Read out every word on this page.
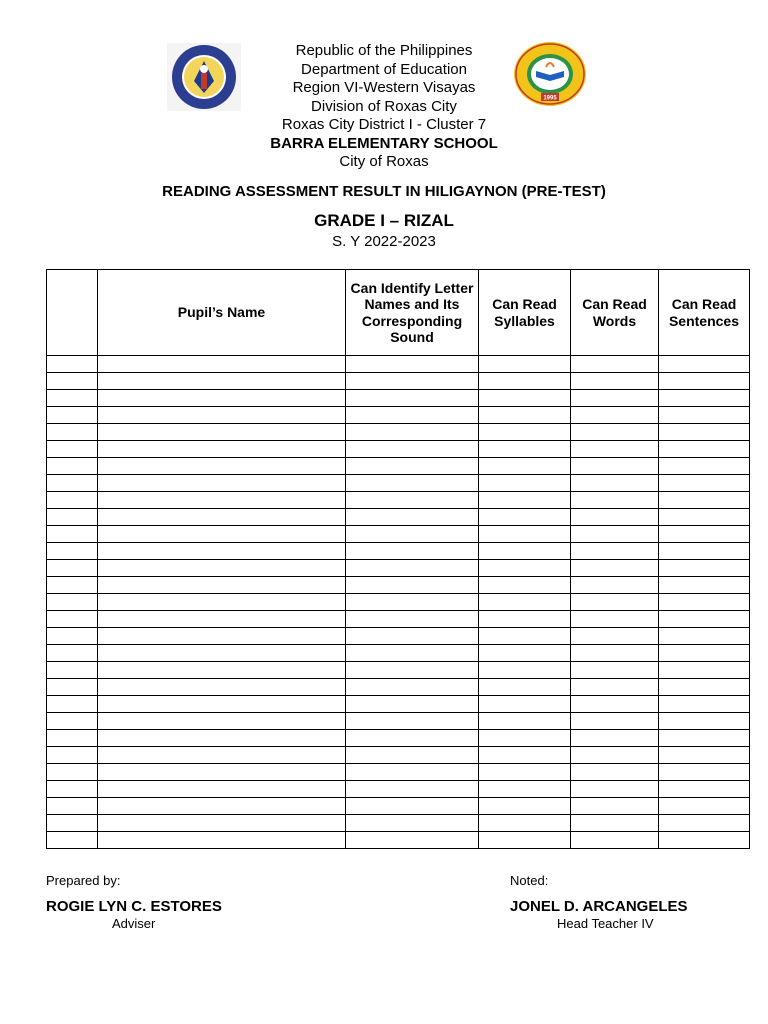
1995
Republic of the Philippines
Department of Education
Region VI-Western Visayas
Division of Roxas City
Roxas City District I - Cluster 7
BARRA ELEMENTARY SCHOOL
City of Roxas
READING ASSESSMENT RESULT IN HILIGAYNON (PRE-TEST)
GRADE I – RIZAL
S. Y 2022-2023
	Pupil’s Name	Can Identify Letter Names and Its Corresponding Sound	Can Read Syllables	Can Read Words	Can Read Sentences

Prepared by:
ROGIE LYN C. ESTORES
Adviser
Noted:
JONEL D. ARCANGELES
Head Teacher IV
